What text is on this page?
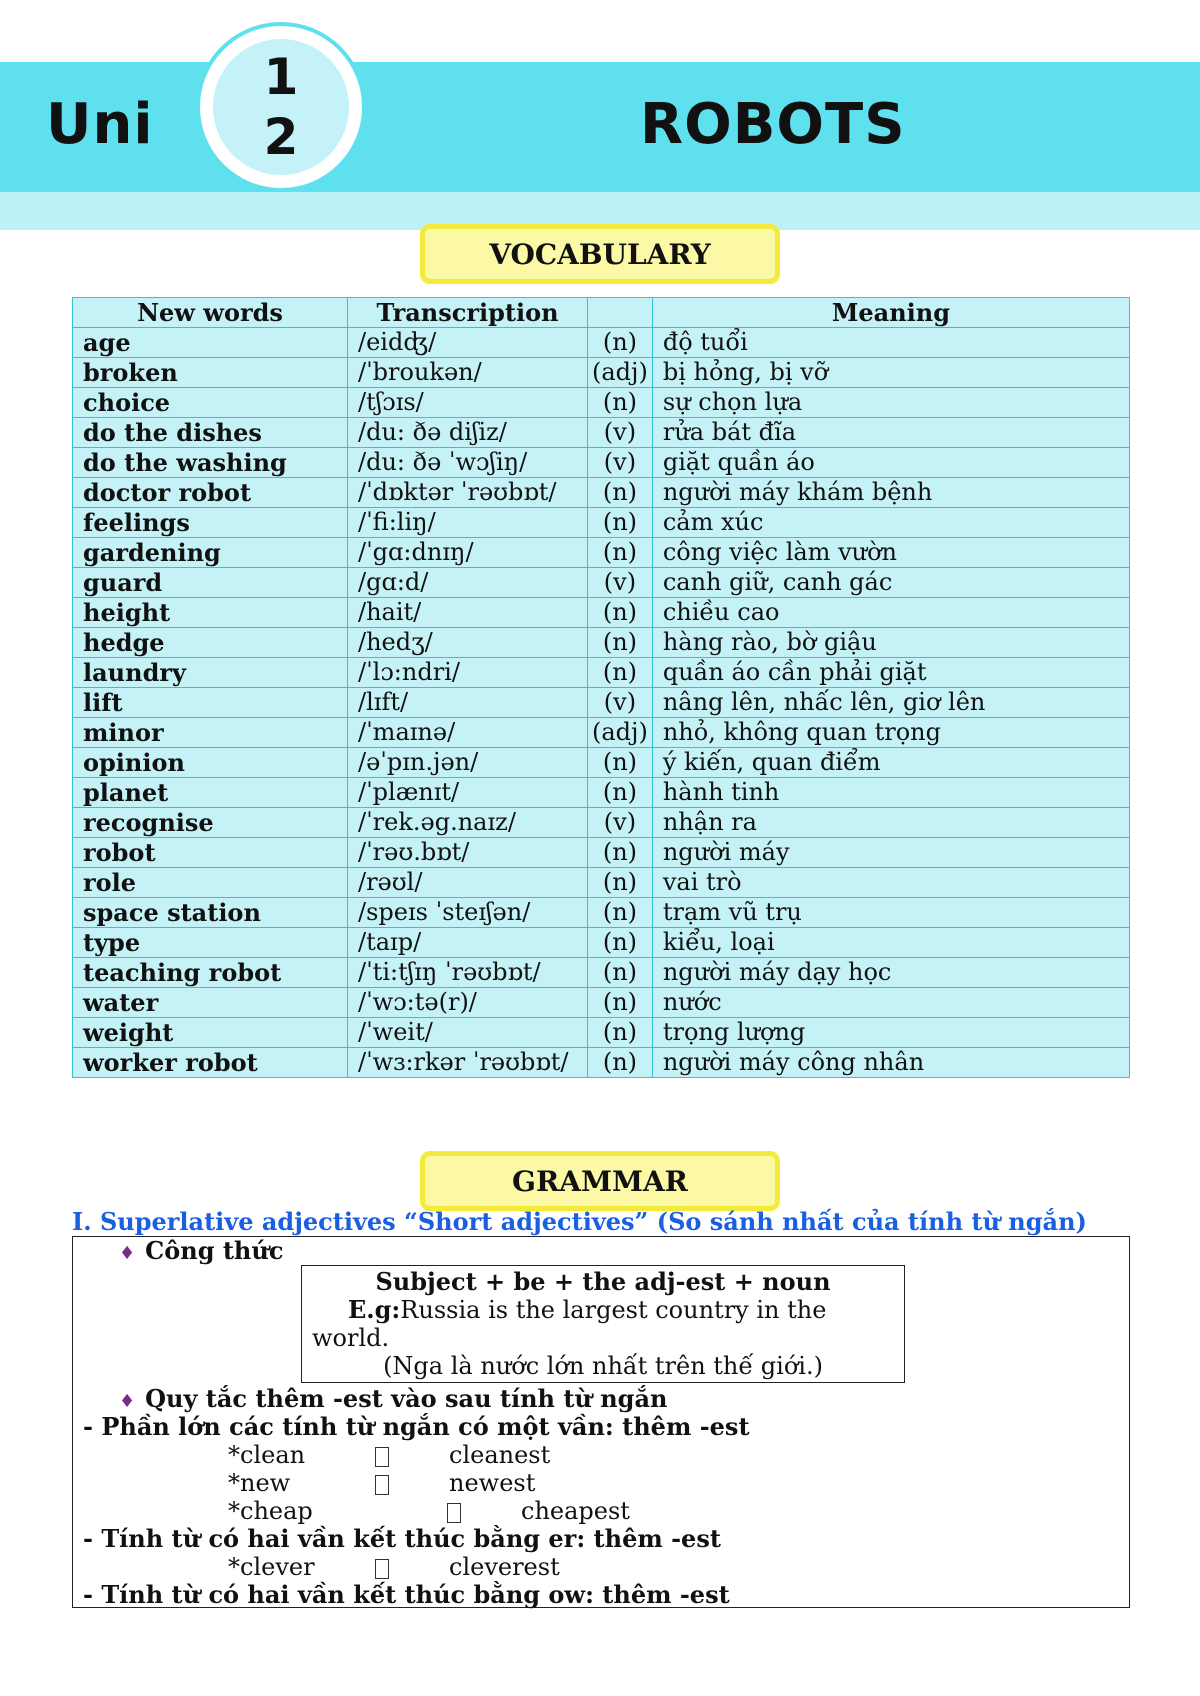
Uni
1
2	ROBOTS
VOCABULARY
New words	Transcription		Meaning
age	/eidʤ/	(n)	độ tuổi
broken	/ˈbroukən/	(adj)	bị hỏng, bị vỡ
choice	/tʃɔɪs/	(n)	sự chọn lựa
do the dishes	/du: ðə diʃiz/	(v)	rửa bát đĩa
do the washing	/du: ðə ˈwɔʃiŋ/	(v)	giặt quần áo
doctor robot	/ˈdɒktər ˈrəʊbɒt/	(n)	người máy khám bệnh
feelings	/ˈfi:liŋ/	(n)	cảm xúc
gardening	/ˈgɑ:dnɪŋ/	(n)	công việc làm vườn
guard	/gɑ:d/	(v)	canh giữ, canh gác
height	/hait/	(n)	chiều cao
hedge	/hedʒ/	(n)	hàng rào, bờ giậu
laundry	/ˈlɔ:ndri/	(n)	quần áo cần phải giặt
lift	/lɪft/	(v)	nâng lên, nhấc lên, giơ lên
minor	/ˈmaɪnə/	(adj)	nhỏ, không quan trọng
opinion	/əˈpɪn.jən/	(n)	ý kiến, quan điểm
planet	/ˈplænɪt/	(n)	hành tinh
recognise	/ˈrek.əg.naɪz/	(v)	nhận ra
robot	/ˈrəʊ.bɒt/	(n)	người máy
role	/rəʊl/	(n)	vai trò
space station	/speɪs ˈsteɪʃən/	(n)	trạm vũ trụ
type	/taɪp/	(n)	kiểu, loại
teaching robot	/ˈti:tʃɪŋ ˈrəʊbɒt/	(n)	người máy dạy học
water	/ˈwɔ:tə(r)/	(n)	nước
weight	/ˈweit/	(n)	trọng lượng
worker robot	/ˈwɜ:rkər ˈrəʊbɒt/	(n)	người máy công nhân
GRAMMAR
I. Superlative adjectives “Short adjectives” (So sánh nhất của tính từ ngắn)
♦ Công thức
Subject + be + the adj-est + noun
E.g:Russia is the largest country in the
world.
(Nga là nước lớn nhất trên thế giới.)
♦ Quy tắc thêm -est vào sau tính từ ngắn
- Phần lớn các tính từ ngắn có một vần: thêm -est
*clean	cleanest
*new	newest
*cheap	cheapest
- Tính từ có hai vần kết thúc bằng er: thêm -est
*clever	cleverest
- Tính từ có hai vần kết thúc bằng ow: thêm -est
